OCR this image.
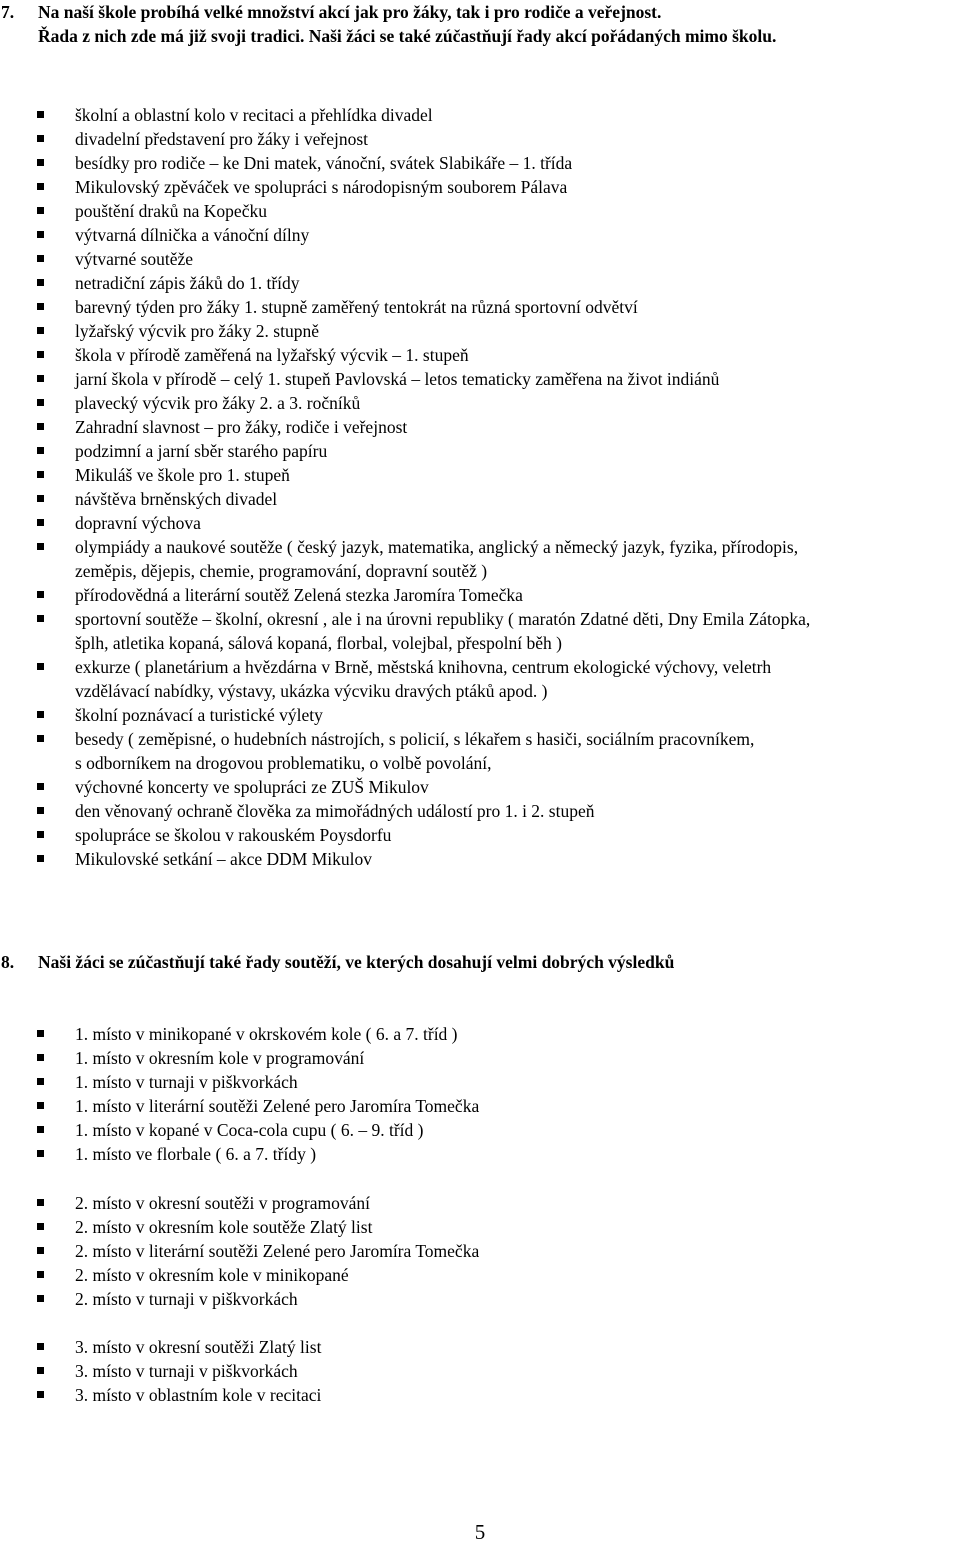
7. Na naší škole probíhá velké množství akcí jak pro žáky, tak i pro rodiče a veřejnost.
Řada z nich zde má již svoji tradici. Naši žáci se také zúčastňují řady akcí pořádaných mimo školu.
školní a oblastní kolo v recitaci a přehlídka divadel
divadelní představení pro žáky i veřejnost
besídky pro rodiče – ke Dni matek, vánoční, svátek Slabikáře – 1. třída
Mikulovský zpěváček ve spolupráci s národopisným souborem Pálava
pouštění draků na Kopečku
výtvarná dílnička a vánoční dílny
výtvarné soutěže
netradiční zápis žáků do 1. třídy
barevný týden pro žáky 1. stupně zaměřený tentokrát na různá sportovní odvětví
lyžařský výcvik pro žáky 2. stupně
škola v přírodě zaměřená na lyžařský výcvik – 1. stupeň
jarní škola v přírodě – celý 1. stupeň Pavlovská – letos tematicky zaměřena na život indiánů
plavecký výcvik pro žáky 2. a 3. ročníků
Zahradní slavnost – pro žáky, rodiče i veřejnost
podzimní a jarní sběr starého papíru
Mikuláš ve škole pro 1. stupeň
návštěva brněnských divadel
dopravní výchova
olympiády a naukové soutěže ( český jazyk, matematika, anglický a německý jazyk, fyzika, přírodopis,
zeměpis, dějepis, chemie, programování, dopravní soutěž )
přírodovědná a literární soutěž Zelená stezka Jaromíra Tomečka
sportovní soutěže – školní, okresní , ale i na úrovni republiky ( maratón Zdatné děti, Dny Emila Zátopka,
šplh, atletika kopaná, sálová kopaná, florbal, volejbal, přespolní běh )
exkurze ( planetárium a hvězdárna v Brně, městská knihovna, centrum ekologické výchovy, veletrh
vzdělávací nabídky, výstavy, ukázka výcviku dravých ptáků apod. )
školní poznávací a turistické výlety
besedy ( zeměpisné, o hudebních nástrojích, s policií, s lékařem s hasiči, sociálním pracovníkem,
s odborníkem na drogovou problematiku, o volbě povolání,
výchovné koncerty ve spolupráci ze ZUŠ Mikulov
den věnovaný ochraně člověka za mimořádných událostí pro 1. i 2. stupeň
spolupráce se školou v rakouském Poysdorfu
Mikulovské setkání – akce DDM Mikulov
8. Naši žáci se zúčastňují také řady soutěží, ve kterých dosahují velmi dobrých výsledků
1. místo v minikopané v okrskovém kole ( 6. a 7. tříd )
1. místo v okresním kole v programování
1. místo v turnaji v piškvorkách
1. místo v literární soutěži Zelené pero Jaromíra Tomečka
1. místo v kopané v Coca-cola cupu ( 6. – 9. tříd )
1. místo ve florbale ( 6. a 7. třídy )
2. místo v okresní soutěži v programování
2. místo v okresním kole soutěže Zlatý list
2. místo v literární soutěži Zelené pero Jaromíra Tomečka
2. místo v okresním kole v minikopané
2. místo v turnaji v piškvorkách
3. místo v okresní soutěži Zlatý list
3. místo v turnaji v piškvorkách
3. místo v oblastním kole v recitaci
5
